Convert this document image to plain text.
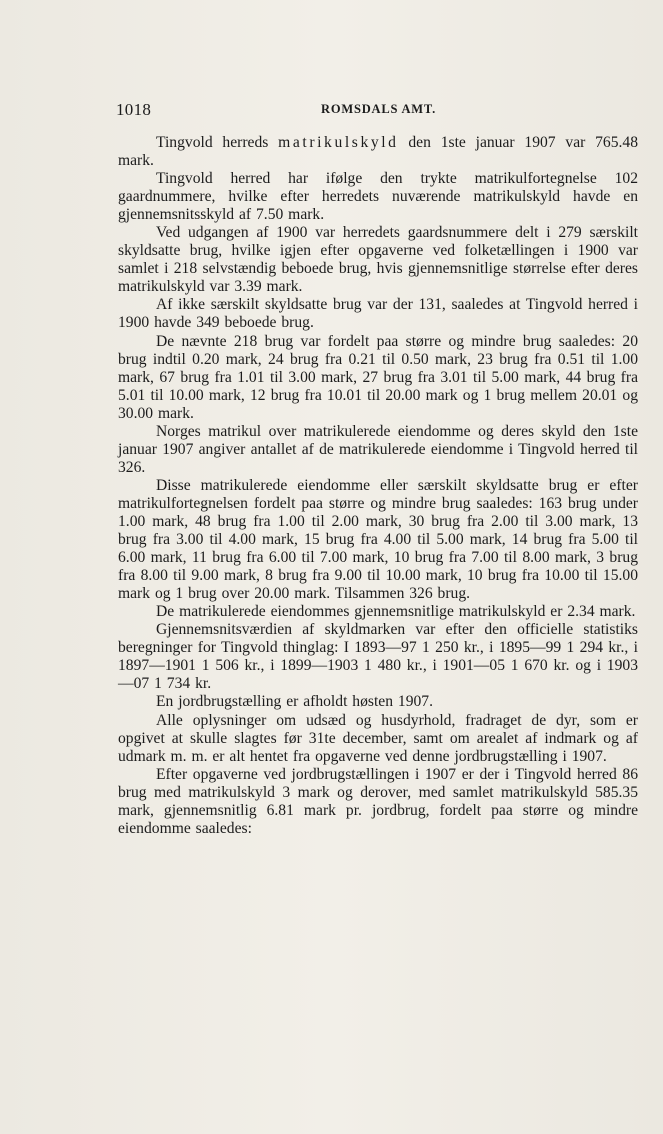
1018	ROMSDALS AMT.

Tingvold herreds matrikulskyld den 1ste januar 1907 var 765.48 mark.

Tingvold herred har ifølge den trykte matrikulfortegnelse 102 gaardnummere, hvilke efter herredets nuværende matrikulskyld havde en gjennemsnitsskyld af 7.50 mark.

Ved udgangen af 1900 var herredets gaardsnummere delt i 279 særskilt skyldsatte brug, hvilke igjen efter opgaverne ved folketællingen i 1900 var samlet i 218 selvstændig beboede brug, hvis gjennemsnitlige størrelse efter deres matrikulskyld var 3.39 mark.

Af ikke særskilt skyldsatte brug var der 131, saaledes at Tingvold herred i 1900 havde 349 beboede brug.

De nævnte 218 brug var fordelt paa større og mindre brug saaledes: 20 brug indtil 0.20 mark, 24 brug fra 0.21 til 0.50 mark, 23 brug fra 0.51 til 1.00 mark, 67 brug fra 1.01 til 3.00 mark, 27 brug fra 3.01 til 5.00 mark, 44 brug fra 5.01 til 10.00 mark, 12 brug fra 10.01 til 20.00 mark og 1 brug mellem 20.01 og 30.00 mark.

Norges matrikul over matrikulerede eiendomme og deres skyld den 1ste januar 1907 angiver antallet af de matrikulerede eiendomme i Tingvold herred til 326.

Disse matrikulerede eiendomme eller særskilt skyldsatte brug er efter matrikulfortegnelsen fordelt paa større og mindre brug saaledes: 163 brug under 1.00 mark, 48 brug fra 1.00 til 2.00 mark, 30 brug fra 2.00 til 3.00 mark, 13 brug fra 3.00 til 4.00 mark, 15 brug fra 4.00 til 5.00 mark, 14 brug fra 5.00 til 6.00 mark, 11 brug fra 6.00 til 7.00 mark, 10 brug fra 7.00 til 8.00 mark, 3 brug fra 8.00 til 9.00 mark, 8 brug fra 9.00 til 10.00 mark, 10 brug fra 10.00 til 15.00 mark og 1 brug over 20.00 mark. Tilsammen 326 brug.

De matrikulerede eiendommes gjennemsnitlige matrikulskyld er 2.34 mark.

Gjennemsnitsværdien af skyldmarken var efter den officielle statistiks beregninger for Tingvold thinglag: I 1893—97 1 250 kr., i 1895—99 1 294 kr., i 1897—1901 1 506 kr., i 1899—1903 1 480 kr., i 1901—05 1 670 kr. og i 1903—07 1 734 kr.

En jordbrugstælling er afholdt høsten 1907.

Alle oplysninger om udsæd og husdyrhold, fradraget de dyr, som er opgivet at skulle slagtes før 31te december, samt om arealet af indmark og af udmark m. m. er alt hentet fra opgaverne ved denne jordbrugstælling i 1907.

Efter opgaverne ved jordbrugstællingen i 1907 er der i Tingvold herred 86 brug med matrikulskyld 3 mark og derover, med samlet matrikulskyld 585.35 mark, gjennemsnitlig 6.81 mark pr. jordbrug, fordelt paa større og mindre eiendomme saaledes:
